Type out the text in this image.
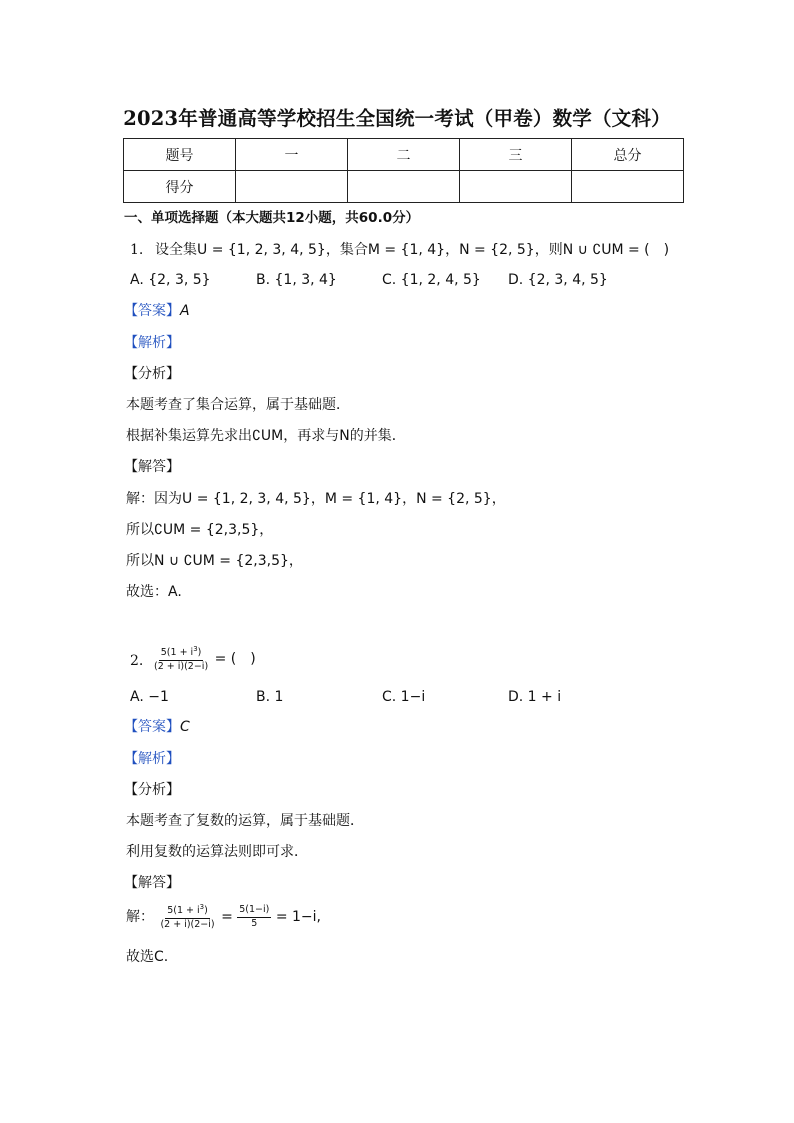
2023年普通高等学校招生全国统一考试（甲卷）数学（文科）
题号	一	二	三	总分
得分				
一、单项选择题（本大题共12小题，共60.0分）
1. 设全集U = {1, 2, 3, 4, 5}，集合M = {1, 4}，N = {2, 5}，则N ∪ ∁UM = (　)
A. {2, 3, 5}	B. {1, 3, 4}	C. {1, 2, 4, 5} D. {2, 3, 4, 5}
【答案】A
【解析】
【分析】
本题考查了集合运算，属于基础题．
根据补集运算先求出∁UM，再求与N的并集．
【解答】
解：因为U = {1, 2, 3, 4, 5}，M = {1, 4}，N = {2, 5}，
所以∁UM = {2,3,5}，
所以N ∪ ∁UM = {2,3,5}，
故选：A.
2. $\frac{5(1 + i^3)}{(2 + i)(2-i)}$ = (　)
A. −1	B. 1	C. 1−i	D. 1 + i
【答案】C
【解析】
【分析】
本题考查了复数的运算，属于基础题．
利用复数的运算法则即可求．
【解答】
解： $\frac{5(1 + i^3)}{(2 + i)(2-i)} = \frac{5(1-i)}{5} = 1-i$,
故选C.
